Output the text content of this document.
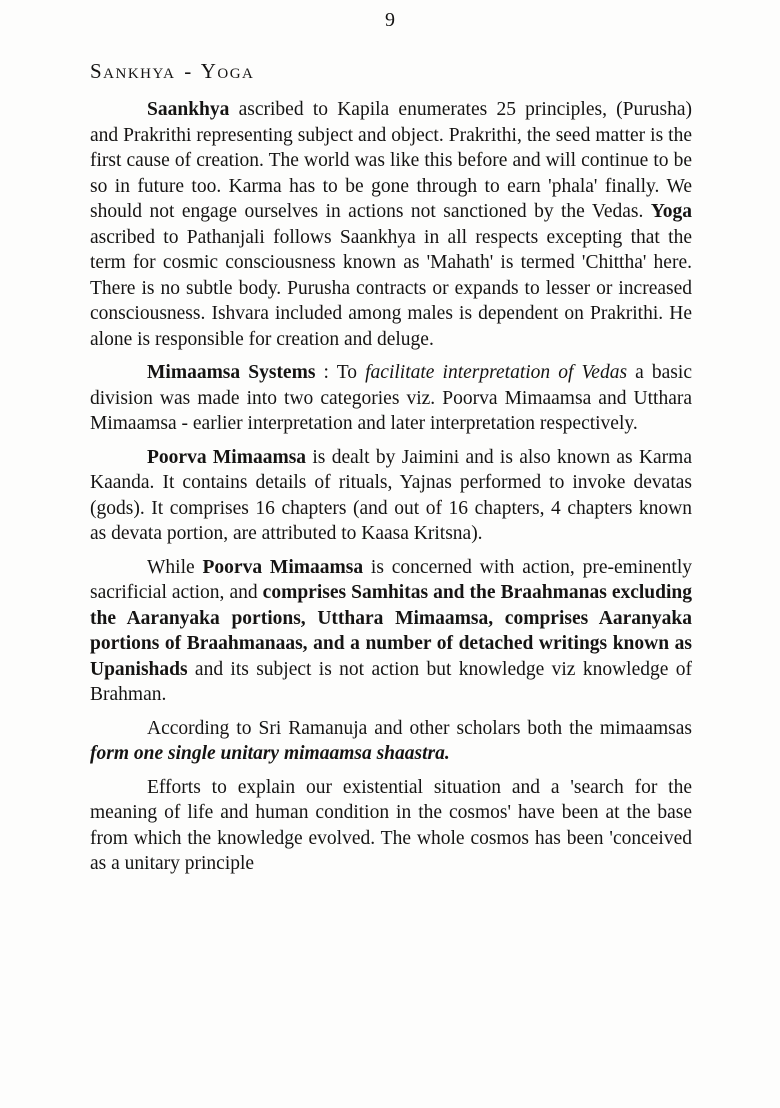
9
Sankhya - Yoga

Saankhya ascribed to Kapila enumerates 25 principles, (Purusha) and Prakrithi representing subject and object. Prakrithi, the seed matter is the first cause of creation. The world was like this before and will continue to be so in future too. Karma has to be gone through to earn 'phala' finally. We should not engage ourselves in actions not sanctioned by the Vedas. Yoga ascribed to Pathanjali follows Saankhya in all respects excepting that the term for cosmic consciousness known as 'Mahath' is termed 'Chittha' here. There is no subtle body. Purusha contracts or expands to lesser or increased consciousness. Ishvara included among males is dependent on Prakrithi. He alone is responsible for creation and deluge.

Mimaamsa Systems : To facilitate interpretation of Vedas a basic division was made into two categories viz. Poorva Mimaamsa and Utthara Mimaamsa - earlier interpretation and later interpretation respectively.

Poorva Mimaamsa is dealt by Jaimini and is also known as Karma Kaanda. It contains details of rituals, Yajnas performed to invoke devatas (gods). It comprises 16 chapters (and out of 16 chapters, 4 chapters known as devata portion, are attributed to Kaasa Kritsna).

While Poorva Mimaamsa is concerned with action, pre-eminently sacrificial action, and comprises Samhitas and the Braahmanas excluding the Aaranyaka portions, Utthara Mimaamsa, comprises Aaranyaka portions of Braahmanaas, and a number of detached writings known as Upanishads and its subject is not action but knowledge viz knowledge of Brahman.

According to Sri Ramanuja and other scholars both the mimaamsas form one single unitary mimaamsa shaastra.

Efforts to explain our existential situation and a 'search for the meaning of life and human condition in the cosmos' have been at the base from which the knowledge evolved. The whole cosmos has been 'conceived as a unitary principle
